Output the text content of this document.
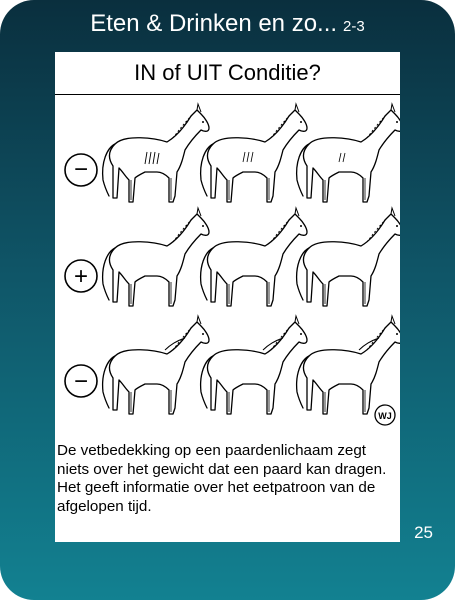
Eten & Drinken en zo... 2-3
IN of UIT Conditie?
−
+
−
WJ
De vetbedekking op een paardenlichaam zegt niets over het gewicht dat een paard kan dragen. Het geeft informatie over het eetpatroon van de afgelopen tijd.
25
